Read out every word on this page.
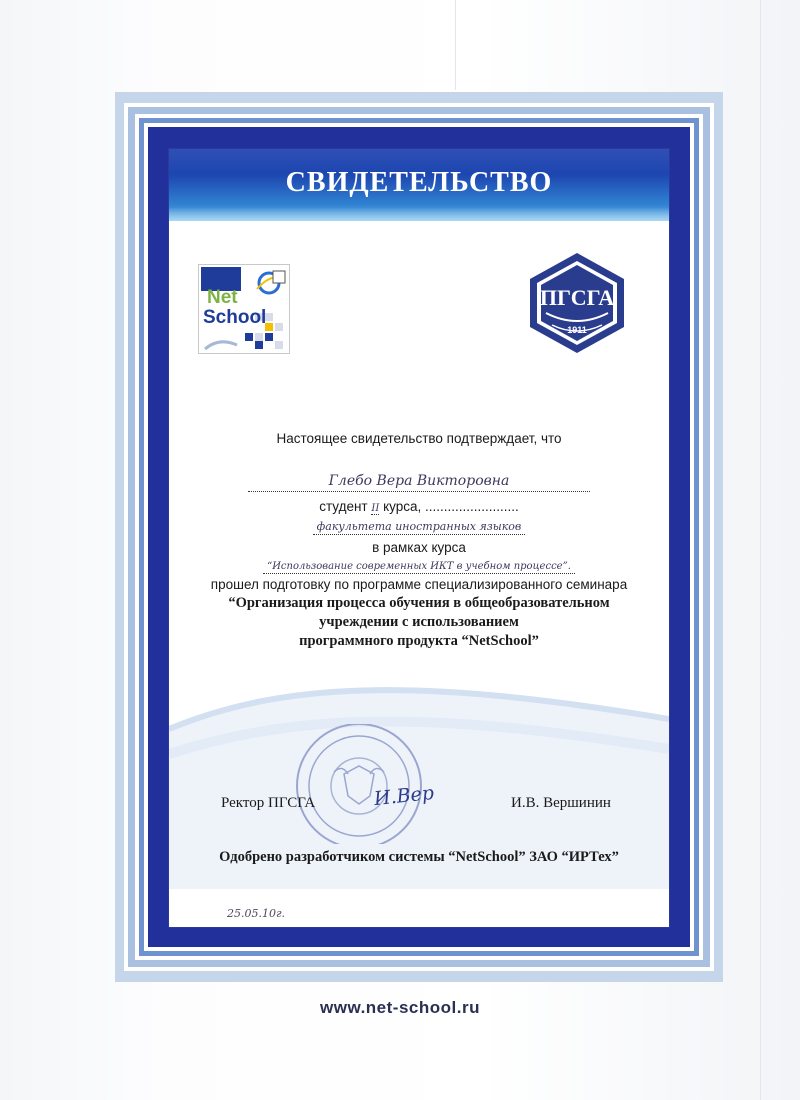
СВИДЕТЕЛЬСТВО
Net
School
ПГСГА
1911
Настоящее свидетельство подтверждает, что
Глебо Вера Викторовна
студент II курса, .........................
факультета иностранных языков
в рамках курса
“Использование современных ИКТ в учебном процессе”.
прошел подготовку по программе специализированного семинара
“Организация процесса обучения в общеобразовательном
учреждении с использованием
программного продукта “NetSchool”
Ректор ПГСГА	И.Вер	И.В. Вершинин
Одобрено разработчиком системы “NetSchool” ЗАО “ИРТех”
25.05.10г.
www.net-school.ru
